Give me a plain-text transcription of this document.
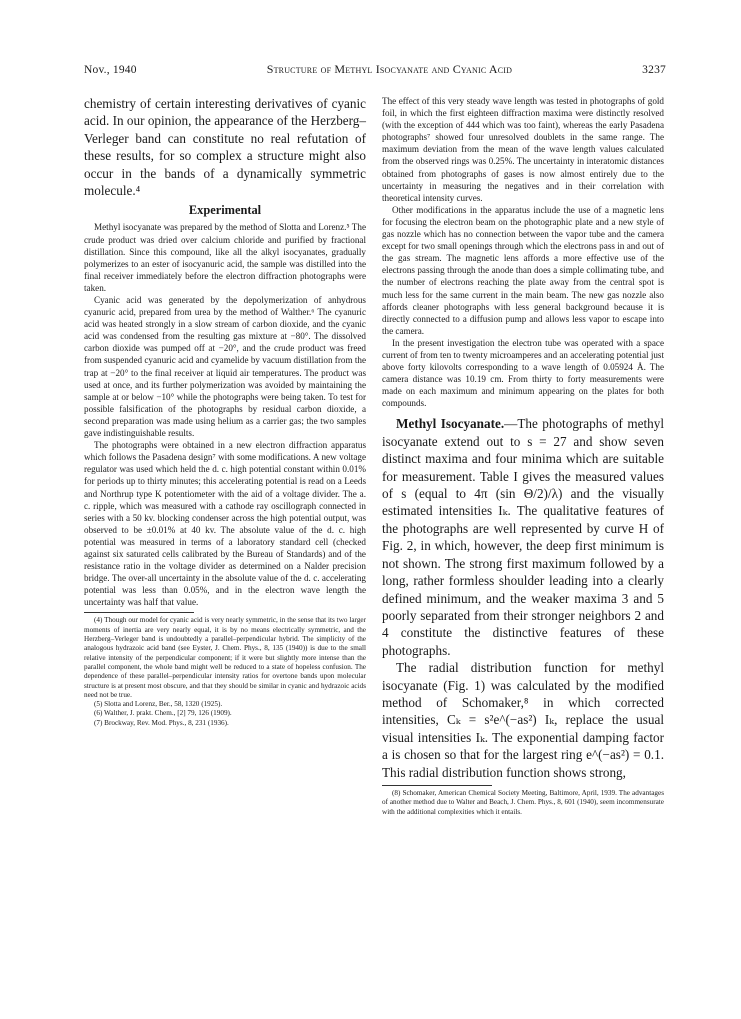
Nov., 1940	Structure of Methyl Isocyanate and Cyanic Acid	3237

chemistry of certain interesting derivatives of cyanic acid. In our opinion, the appearance of the Herzberg–Verleger band can constitute no real refutation of these results, for so complex a structure might also occur in the bands of a dynamically symmetric molecule.⁴

Experimental

Methyl isocyanate was prepared by the method of Slotta and Lorenz.⁵ The crude product was dried over calcium chloride and purified by fractional distillation. Since this compound, like all the alkyl isocyanates, gradually polymerizes to an ester of isocyanuric acid, the sample was distilled into the final receiver immediately before the electron diffraction photographs were taken.

Cyanic acid was generated by the depolymerization of anhydrous cyanuric acid, prepared from urea by the method of Walther.⁶ The cyanuric acid was heated strongly in a slow stream of carbon dioxide, and the cyanic acid was condensed from the resulting gas mixture at −80°. The dissolved carbon dioxide was pumped off at −20°, and the crude product was freed from suspended cyanuric acid and cyamelide by vacuum distillation from the trap at −20° to the final receiver at liquid air temperatures. The product was used at once, and its further polymerization was avoided by maintaining the sample at or below −10° while the photographs were being taken. To test for possible falsification of the photographs by residual carbon dioxide, a second preparation was made using helium as a carrier gas; the two samples gave indistinguishable results.

The photographs were obtained in a new electron diffraction apparatus which follows the Pasadena design⁷ with some modifications. A new voltage regulator was used which held the d. c. high potential constant within 0.01% for periods up to thirty minutes; this accelerating potential is read on a Leeds and Northrup type K potentiometer with the aid of a voltage divider. The a. c. ripple, which was measured with a cathode ray oscillograph connected in series with a 50 kv. blocking condenser across the high potential output, was observed to be ±0.01% at 40 kv. The absolute value of the d. c. high potential was measured in terms of a laboratory standard cell (checked against six saturated cells calibrated by the Bureau of Standards) and of the resistance ratio in the voltage divider as determined on a Nalder precision bridge. The over-all uncertainty in the absolute value of the d. c. accelerating potential was less than 0.05%, and in the electron wave length the uncertainty was half that value.

(4) Though our model for cyanic acid is very nearly symmetric, in the sense that its two larger moments of inertia are very nearly equal, it is by no means electrically symmetric, and the Herzberg–Verleger band is undoubtedly a parallel–perpendicular hybrid. The simplicity of the analogous hydrazoic acid band (see Eyster, J. Chem. Phys., 8, 135 (1940)) is due to the small relative intensity of the perpendicular component; if it were but slightly more intense than the parallel component, the whole band might well be reduced to a state of hopeless confusion. The dependence of these parallel–perpendicular intensity ratios for overtone bands upon molecular structure is at present most obscure, and that they should be similar in cyanic and hydrazoic acids need not be true.

(5) Slotta and Lorenz, Ber., 58, 1320 (1925).

(6) Walther, J. prakt. Chem., [2] 79, 126 (1909).

(7) Brockway, Rev. Mod. Phys., 8, 231 (1936).

The effect of this very steady wave length was tested in photographs of gold foil, in which the first eighteen diffraction maxima were distinctly resolved (with the exception of 444 which was too faint), whereas the early Pasadena photographs⁷ showed four unresolved doublets in the same range. The maximum deviation from the mean of the wave length values calculated from the observed rings was 0.25%. The uncertainty in interatomic distances obtained from photographs of gases is now almost entirely due to the uncertainty in measuring the negatives and in their correlation with theoretical intensity curves.

Other modifications in the apparatus include the use of a magnetic lens for focusing the electron beam on the photographic plate and a new style of gas nozzle which has no connection between the vapor tube and the camera except for two small openings through which the electrons pass in and out of the gas stream. The magnetic lens affords a more effective use of the electrons passing through the anode than does a simple collimating tube, and the number of electrons reaching the plate away from the central spot is much less for the same current in the main beam. The new gas nozzle also affords cleaner photographs with less general background because it is directly connected to a diffusion pump and allows less vapor to escape into the camera.

In the present investigation the electron tube was operated with a space current of from ten to twenty microamperes and an accelerating potential just above forty kilovolts corresponding to a wave length of 0.05924 Å. The camera distance was 10.19 cm. From thirty to forty measurements were made on each maximum and minimum appearing on the plates for both compounds.

Methyl Isocyanate.—The photographs of methyl isocyanate extend out to s = 27 and show seven distinct maxima and four minima which are suitable for measurement. Table I gives the measured values of s (equal to 4π (sin Θ/2)/λ) and the visually estimated intensities Iₖ. The qualitative features of the photographs are well represented by curve H of Fig. 2, in which, however, the deep first minimum is not shown. The strong first maximum followed by a long, rather formless shoulder leading into a clearly defined minimum, and the weaker maxima 3 and 5 poorly separated from their stronger neighbors 2 and 4 constitute the distinctive features of these photographs.

The radial distribution function for methyl isocyanate (Fig. 1) was calculated by the modified method of Schomaker,⁸ in which corrected intensities, Cₖ = s²e^(−as²) Iₖ, replace the usual visual intensities Iₖ. The exponential damping factor a is chosen so that for the largest ring e^(−as²) = 0.1. This radial distribution function shows strong,

(8) Schomaker, American Chemical Society Meeting, Baltimore, April, 1939. The advantages of another method due to Walter and Beach, J. Chem. Phys., 8, 601 (1940), seem incommensurate with the additional complexities which it entails.
